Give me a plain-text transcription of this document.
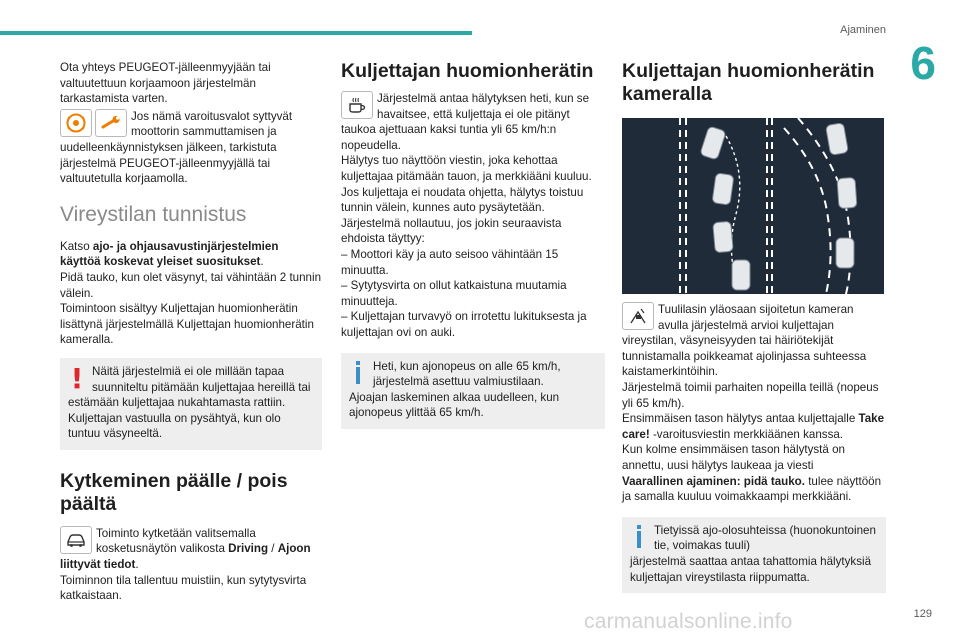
Ajaminen
6
129
carmanualsonline.info

Ota yhteys PEUGEOT-jälleenmyyjään tai valtuutettuun korjaamoon järjestelmän tarkastamista varten.

Jos nämä varoitusvalot syttyvät moottorin sammuttamisen ja uudelleenkäynnistyksen jälkeen, tarkistuta järjestelmä PEUGEOT-jälleenmyyjällä tai valtuutetulla korjaamolla.
Vireystilan tunnistus

Katso ajo- ja ohjausavustinjärjestelmien käyttöä koskevat yleiset suositukset.

Pidä tauko, kun olet väsynyt, tai vähintään 2 tunnin välein.

Toimintoon sisältyy Kuljettajan huomionherätin lisättynä järjestelmällä Kuljettajan huomionherätin kameralla.

! Näitä järjestelmiä ei ole millään tapaa suunniteltu pitämään kuljettajaa hereillä tai estämään kuljettajaa nukahtamasta rattiin. Kuljettajan vastuulla on pysähtyä, kun olo tuntuu väsyneeltä.
Kytkeminen päälle / pois päältä
Toiminto kytketään valitsemalla kosketusnäytön valikosta Driving / Ajoon liittyvät tiedot.

Toiminnon tila tallentuu muistiin, kun sytytysvirta katkaistaan.

Kuljettajan huomionherätin
Järjestelmä antaa hälytyksen heti, kun se havaitsee, että kuljettaja ei ole pitänyt taukoa ajettuaan kaksi tuntia yli 65 km/h:n nopeudella.

Hälytys tuo näyttöön viestin, joka kehottaa kuljettajaa pitämään tauon, ja merkkiääni kuuluu.

Jos kuljettaja ei noudata ohjetta, hälytys toistuu tunnin välein, kunnes auto pysäytetään.

Järjestelmä nollautuu, jos jokin seuraavista ehdoista täyttyy:

– Moottori käy ja auto seisoo vähintään 15 minuutta.

– Sytytysvirta on ollut katkaistuna muutamia minuutteja.

– Kuljettajan turvavyö on irrotettu lukituksesta ja kuljettajan ovi on auki.

Heti, kun ajonopeus on alle 65 km/h, järjestelmä asettuu valmiustilaan.

Ajoajan laskeminen alkaa uudelleen, kun ajonopeus ylittää 65 km/h.

Kuljettajan huomionherätin kameralla
Tuulilasin yläosaan sijoitetun kameran avulla järjestelmä arvioi kuljettajan vireystilan, väsyneisyyden tai häiriötekijät tunnistamalla poikkeamat ajolinjassa suhteessa kaistamerkintöihin.

Järjestelmä toimii parhaiten nopeilla teillä (nopeus yli 65 km/h).

Ensimmäisen tason hälytys antaa kuljettajalle Take care! -varoitusviestin merkkiäänen kanssa.

Kun kolme ensimmäisen tason hälytystä on annettu, uusi hälytys laukeaa ja viesti

Vaarallinen ajaminen: pidä tauko. tulee näyttöön ja samalla kuuluu voimakkaampi merkkiääni.

Tietyissä ajo-olosuhteissa (huonokuntoinen tie, voimakas tuuli)

järjestelmä saattaa antaa tahattomia hälytyksiä kuljettajan vireystilasta riippumatta.
